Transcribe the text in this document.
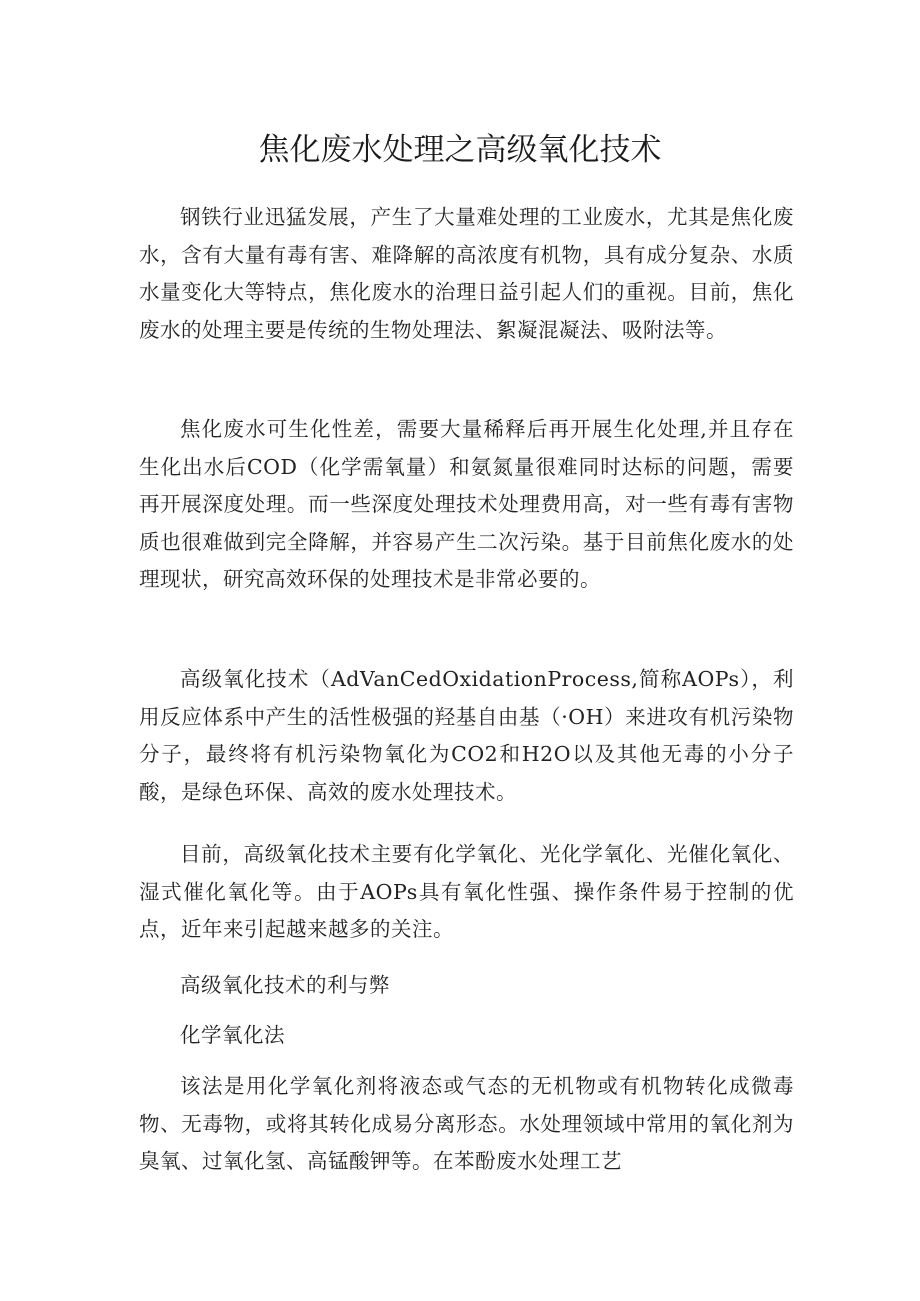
焦化废水处理之高级氧化技术

钢铁行业迅猛发展，产生了大量难处理的工业废水，尤其是焦化废水，含有大量有毒有害、难降解的高浓度有机物，具有成分复杂、水质水量变化大等特点，焦化废水的治理日益引起人们的重视。目前，焦化废水的处理主要是传统的生物处理法、絮凝混凝法、吸附法等。

焦化废水可生化性差，需要大量稀释后再开展生化处理,并且存在生化出水后COD（化学需氧量）和氨氮量很难同时达标的问题，需要再开展深度处理。而一些深度处理技术处理费用高，对一些有毒有害物质也很难做到完全降解，并容易产生二次污染。基于目前焦化废水的处理现状，研究高效环保的处理技术是非常必要的。

高级氧化技术（AdVanCedOxidationProcess,简称AOPs），利用反应体系中产生的活性极强的羟基自由基（·OH）来进攻有机污染物分子，最终将有机污染物氧化为CO2和H2O以及其他无毒的小分子酸，是绿色环保、高效的废水处理技术。

目前，高级氧化技术主要有化学氧化、光化学氧化、光催化氧化、湿式催化氧化等。由于AOPs具有氧化性强、操作条件易于控制的优点，近年来引起越来越多的关注。

高级氧化技术的利与弊

化学氧化法

该法是用化学氧化剂将液态或气态的无机物或有机物转化成微毒物、无毒物，或将其转化成易分离形态。水处理领域中常用的氧化剂为臭氧、过氧化氢、高锰酸钾等。在苯酚废水处理工艺
